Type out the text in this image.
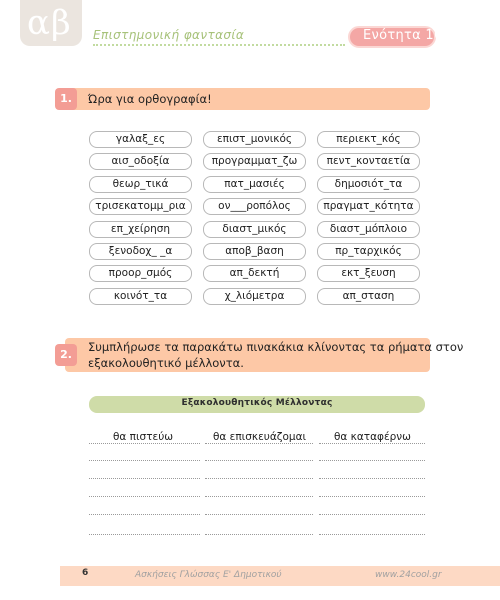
αβ Επιστημονική φαντασία	Ενότητα 10
1.	Ώρα για ορθογραφία!
γαλαξ_ες	επιστ_μονικός	περιεκτ_κός
αισ_οδοξία	προγραμματ_ζω	πεντ_κονταετία
θεωρ_τικά	πατ_μασιές	δημοσιότ_τα
τρισεκατομμ_ρια	ον___ροπόλος	πραγματ_κότητα
επ_χείρηση	διαστ_μικός	διαστ_μόπλοιο
ξενοδοχ_ _α	αποβ_βαση	πρ_ταρχικός
προορ_σμός	απ_δεκτή	εκτ_ξευση
κοινότ_τα	χ_λιόμετρα	απ_σταση
2.
Συμπλήρωσε τα παρακάτω πινακάκια κλίνοντας τα ρήματα στον
εξακολουθητικό μέλλοντα.
Εξακολουθητικός Μέλλοντας
θα πιστεύω	θα επισκευάζομαι	θα καταφέρνω
6	Ασκήσεις Γλώσσας Ε' Δημοτικού	www.24cool.gr
